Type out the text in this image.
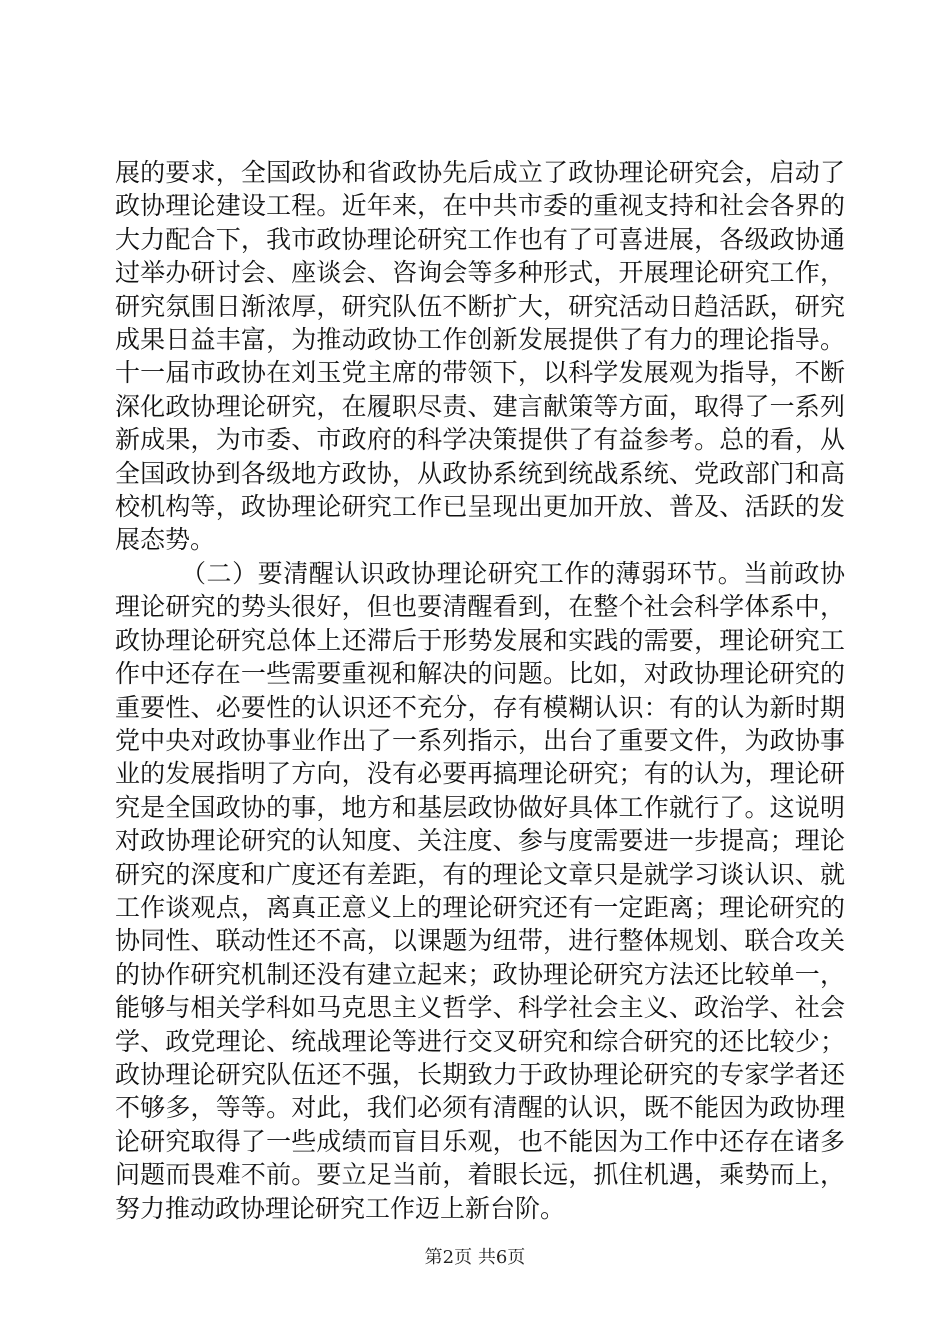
展的要求，全国政协和省政协先后成立了政协理论研究会，启动了政协理论建设工程。近年来，在中共市委的重视支持和社会各界的大力配合下，我市政协理论研究工作也有了可喜进展，各级政协通过举办研讨会、座谈会、咨询会等多种形式，开展理论研究工作，研究氛围日渐浓厚，研究队伍不断扩大，研究活动日趋活跃，研究成果日益丰富，为推动政协工作创新发展提供了有力的理论指导。十一届市政协在刘玉党主席的带领下，以科学发展观为指导，不断深化政协理论研究，在履职尽责、建言献策等方面，取得了一系列新成果，为市委、市政府的科学决策提供了有益参考。总的看，从全国政协到各级地方政协，从政协系统到统战系统、党政部门和高校机构等，政协理论研究工作已呈现出更加开放、普及、活跃的发展态势。

（二）要清醒认识政协理论研究工作的薄弱环节。当前政协理论研究的势头很好，但也要清醒看到，在整个社会科学体系中，政协理论研究总体上还滞后于形势发展和实践的需要，理论研究工作中还存在一些需要重视和解决的问题。比如，对政协理论研究的重要性、必要性的认识还不充分，存有模糊认识：有的认为新时期党中央对政协事业作出了一系列指示，出台了重要文件，为政协事业的发展指明了方向，没有必要再搞理论研究；有的认为，理论研究是全国政协的事，地方和基层政协做好具体工作就行了。这说明对政协理论研究的认知度、关注度、参与度需要进一步提高；理论研究的深度和广度还有差距，有的理论文章只是就学习谈认识、就工作谈观点，离真正意义上的理论研究还有一定距离；理论研究的协同性、联动性还不高，以课题为纽带，进行整体规划、联合攻关的协作研究机制还没有建立起来；政协理论研究方法还比较单一，能够与相关学科如马克思主义哲学、科学社会主义、政治学、社会学、政党理论、统战理论等进行交叉研究和综合研究的还比较少；政协理论研究队伍还不强，长期致力于政协理论研究的专家学者还不够多，等等。对此，我们必须有清醒的认识，既不能因为政协理论研究取得了一些成绩而盲目乐观，也不能因为工作中还存在诸多问题而畏难不前。要立足当前，着眼长远，抓住机遇，乘势而上，努力推动政协理论研究工作迈上新台阶。

第2页 共6页
